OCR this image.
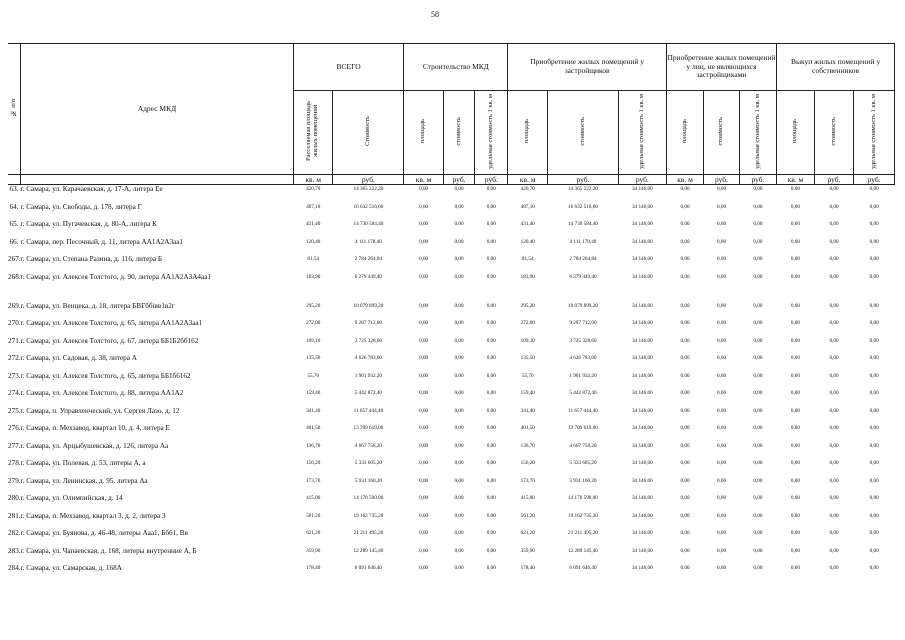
58
№ п/п	Адрес МКД	ВСЕГО		Строительство МКД			Приобретение жилых помещений у застройщиков			Приобретение жилых помещений у лиц, не являющихся застройщиками			Выкуп жилых помещений у собственников		
		Расселяемая площадь жилых помещений	Стоимость	площадь	стоимость	удельная стоимость 1 кв. м	площадь	стоимость	удельная стоимость 1 кв. м	площадь	стоимость	удельная стоимость 1 кв. м	площадь	стоимость	удельная стоимость 1 кв. м
		кв. м	руб.	кв. м	руб.	руб.	кв. м	руб.	руб.	кв. м	руб.	руб.	кв. м	руб.	руб.
63.	г. Самара, ул. Карачаевская, д. 17-А, литера Ее	420,70	14 365 222,20	0,00	0,00	0,00	420,70	14 365 222,20	34 146,00	0,00	0,00	0,00	0,00	0,00	0,00
64.	г. Самара, ул. Свободы, д. 178, литера Г	487,10	16 632 516,60	0,00	0,00	0,00	487,10	16 632 516,60	34 146,00	0,00	0,00	0,00	0,00	0,00	0,00
65.	г. Самара, ул. Пугачевская, д. 80-А, литера К	431,40	14 730 584,40	0,00	0,00	0,00	431,40	14 730 584,40	34 146,00	0,00	0,00	0,00	0,00	0,00	0,00
66.	г. Самара, пер. Песочный, д. 11, литера АА1А2А3аа1	120,40	4 111 178,40	0,00	0,00	0,00	120,40	4 111 178,40	34 146,00	0,00	0,00	0,00	0,00	0,00	0,00
267.	г. Самара, ул. Степана Разина, д. 116, литера Б	81,54	2 784 264,84	0,00	0,00	0,00	81,54	2 784 264,84	34 146,00	0,00	0,00	0,00	0,00	0,00	0,00
268.	г. Самара, ул. Алексея Толстого, д. 90, литера АА1А2А3А4аа1	183,90	6 279 449,40	0,00	0,00	0,00	183,90	6 279 449,40	34 146,00	0,00	0,00	0,00	0,00	0,00	0,00
269.	г. Самара, ул. Венцека, д. 18, литера БВГббiвв1в2г	295,20	10 079 899,20	0,00	0,00	0,00	295,20	10 079 899,20	34 146,00	0,00	0,00	0,00	0,00	0,00	0,00
270.	г. Самара, ул. Алексея Толстого, д. 65, литера АА1А2А3аа1	272,00	9 287 712,00	0,00	0,00	0,00	272,00	9 287 712,00	34 146,00	0,00	0,00	0,00	0,00	0,00	0,00
271.	г. Самара, ул. Алексея Толстого, д. 67, литера ББ1Б2бб162	109,10	3 725 328,60	0,00	0,00	0,00	109,10	3 725 328,60	34 146,00	0,00	0,00	0,00	0,00	0,00	0,00
272.	г. Самара, ул. Садовая, д. 38, литера А	135,50	4 626 783,00	0,00	0,00	0,00	135,50	4 626 783,00	34 146,00	0,00	0,00	0,00	0,00	0,00	0,00
273.	г. Самара, ул. Алексея Толстого, д. 65, литера ББ1б6162	55,70	1 901 932,20	0,00	0,00	0,00	55,70	1 901 932,20	34 146,00	0,00	0,00	0,00	0,00	0,00	0,00
274.	г. Самара, ул. Алексея Толстого, д. 88, литера АА1А2	159,40	5 442 872,40	0,00	0,00	0,00	159,40	5 442 872,40	34 146,00	0,00	0,00	0,00	0,00	0,00	0,00
275.	г. Самара, п. Управленческий, ул. Сергея Лазо, д. 12	341,40	11 657 444,40	0,00	0,00	0,00	341,40	11 657 444,40	34 146,00	0,00	0,00	0,00	0,00	0,00	0,00
276.	г. Самара, п. Мехзавод, квартал 10, д. 4, литера Е	401,50	13 709 619,00	0,00	0,00	0,00	401,50	13 709 619,00	34 146,00	0,00	0,00	0,00	0,00	0,00	0,00
277.	г. Самара, ул. Арцыбушевская, д. 126, литера Аа	136,70	4 667 758,20	0,00	0,00	0,00	136,70	4 667 758,20	34 146,00	0,00	0,00	0,00	0,00	0,00	0,00
278.	г. Самара, ул. Полевая, д. 53, литеры А, а	156,20	5 333 605,20	0,00	0,00	0,00	156,20	5 333 605,20	34 146,00	0,00	0,00	0,00	0,00	0,00	0,00
279.	г. Самара, ул. Ленинская, д. 95, литера Аа	173,70	5 931 160,20	0,00	0,00	0,00	173,70	5 931 160,20	34 146,00	0,00	0,00	0,00	0,00	0,00	0,00
280.	г. Самара, ул. Олимпийская, д. 14	415,00	14 170 590,00	0,00	0,00	0,00	415,00	14 170 590,00	34 146,00	0,00	0,00	0,00	0,00	0,00	0,00
281.	г. Самара, п. Мехзавод, квартал 3, д. 2, литера З	561,20	19 162 735,20	0,00	0,00	0,00	561,20	19 162 735,20	34 146,00	0,00	0,00	0,00	0,00	0,00	0,00
282.	г. Самара, ул. Буянова, д. 46-48, литеры Ааа1, Бб61, Вв	621,20	21 211 495,20	0,00	0,00	0,00	621,20	21 211 495,20	34 146,00	0,00	0,00	0,00	0,00	0,00	0,00
283.	г. Самара, ул. Чапаевская, д. 168, литеры внутренние А, Б	359,90	12 289 145,40	0,00	0,00	0,00	359,90	12 289 145,40	34 146,00	0,00	0,00	0,00	0,00	0,00	0,00
284.	г. Самара, ул. Самарская, д. 168А	178,40	6 091 646,40	0,00	0,00	0,00	178,40	6 091 646,40	34 146,00	0,00	0,00	0,00	0,00	0,00	0,00
